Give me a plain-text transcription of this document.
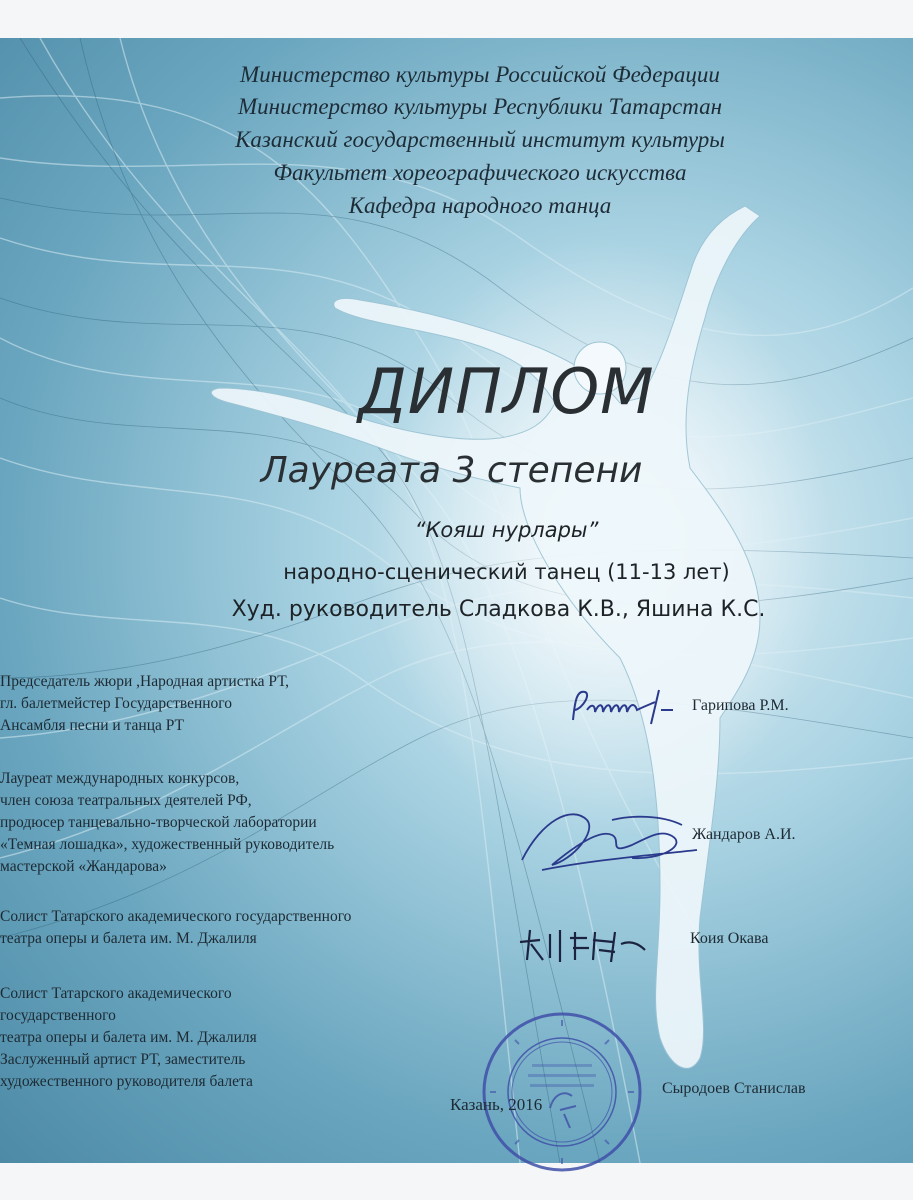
Министерство культуры Российской Федерации
Министерство культуры Республики Татарстан
Казанский государственный институт культуры
Факультет хореографического искусства
Кафедра народного танца
ДИПЛОМ
Лауреата 3 степени
“Кояш нурлары”
народно-сценический танец (11-13 лет)
Худ. руководитель Сладкова К.В., Яшина К.С.
Председатель жюри ,Народная артистка РТ,
гл. балетмейстер Государственного
Ансамбля песни и танца РТ
Гарипова Р.М.
Лауреат международных конкурсов,
член союза театральных деятелей РФ,
продюсер танцевально-творческой лаборатории
«Темная лошадка», художественный руководитель
мастерской «Жандарова»
Жандаров А.И.
Солист Татарского академического государственного
театра оперы и балета им. М. Джалиля	Коия Окава
Солист Татарского академического
государственного
театра оперы и балета им. М. Джалиля
Заслуженный артист РТ, заместитель
художественного руководителя балета	Сыродоев Станислав
Казань, 2016
